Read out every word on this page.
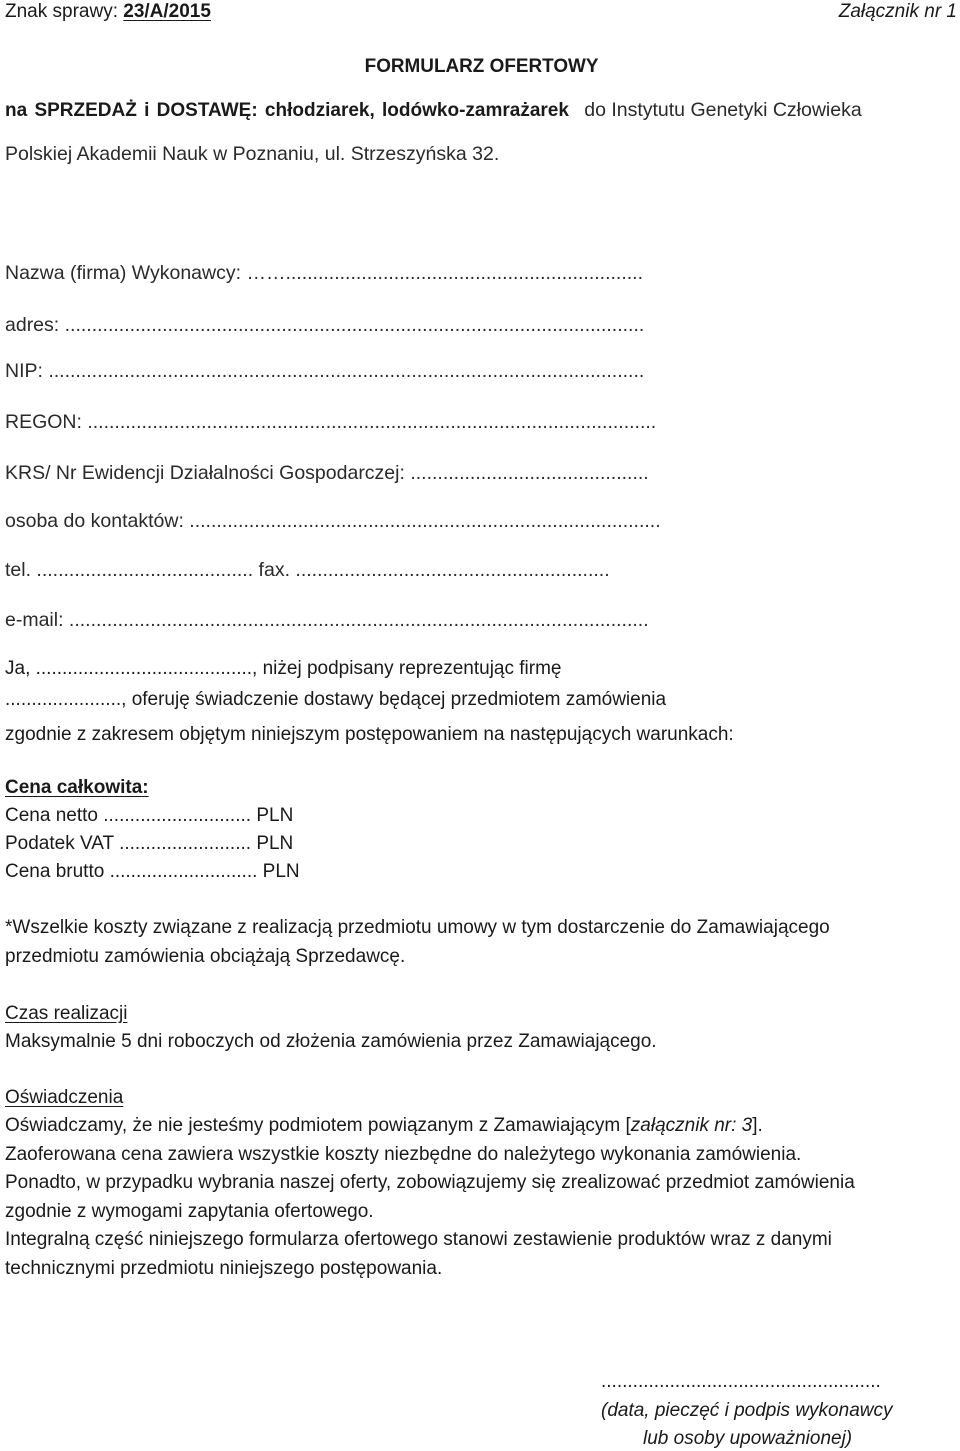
Znak sprawy: 23/A/2015	Załącznik nr 1
FORMULARZ OFERTOWY
na SPRZEDAŻ i DOSTAWĘ: chłodziarek, lodówko-zamrażarek do Instytutu Genetyki Człowieka
Polskiej Akademii Nauk w Poznaniu, ul. Strzeszyńska 32.
Nazwa (firma) Wykonawcy: ……..................................................................
adres: ...........................................................................................................
NIP: ..............................................................................................................
REGON: .........................................................................................................
KRS/ Nr Ewidencji Działalności Gospodarczej: ............................................
osoba do kontaktów: .......................................................................................
tel. ........................................ fax. ..........................................................
e-mail: ...........................................................................................................
Ja, ........................................., niżej podpisany reprezentując firmę
......................, oferuję świadczenie dostawy będącej przedmiotem zamówienia
zgodnie z zakresem objętym niniejszym postępowaniem na następujących warunkach:
Cena całkowita:
Cena netto ............................ PLN
Podatek VAT ......................... PLN
Cena brutto ............................ PLN
*Wszelkie koszty związane z realizacją przedmiotu umowy w tym dostarczenie do Zamawiającego
przedmiotu zamówienia obciążają Sprzedawcę.
Czas realizacji
Maksymalnie 5 dni roboczych od złożenia zamówienia przez Zamawiającego.
Oświadczenia
Oświadczamy, że nie jesteśmy podmiotem powiązanym z Zamawiającym [załącznik nr: 3].
Zaoferowana cena zawiera wszystkie koszty niezbędne do należytego wykonania zamówienia.
Ponadto, w przypadku wybrania naszej oferty, zobowiązujemy się zrealizować przedmiot zamówienia
zgodnie z wymogami zapytania ofertowego.
Integralną część niniejszego formularza ofertowego stanowi zestawienie produktów wraz z danymi
technicznymi przedmiotu niniejszego postępowania.
.....................................................
(data, pieczęć i podpis wykonawcy
lub osoby upoważnionej)
